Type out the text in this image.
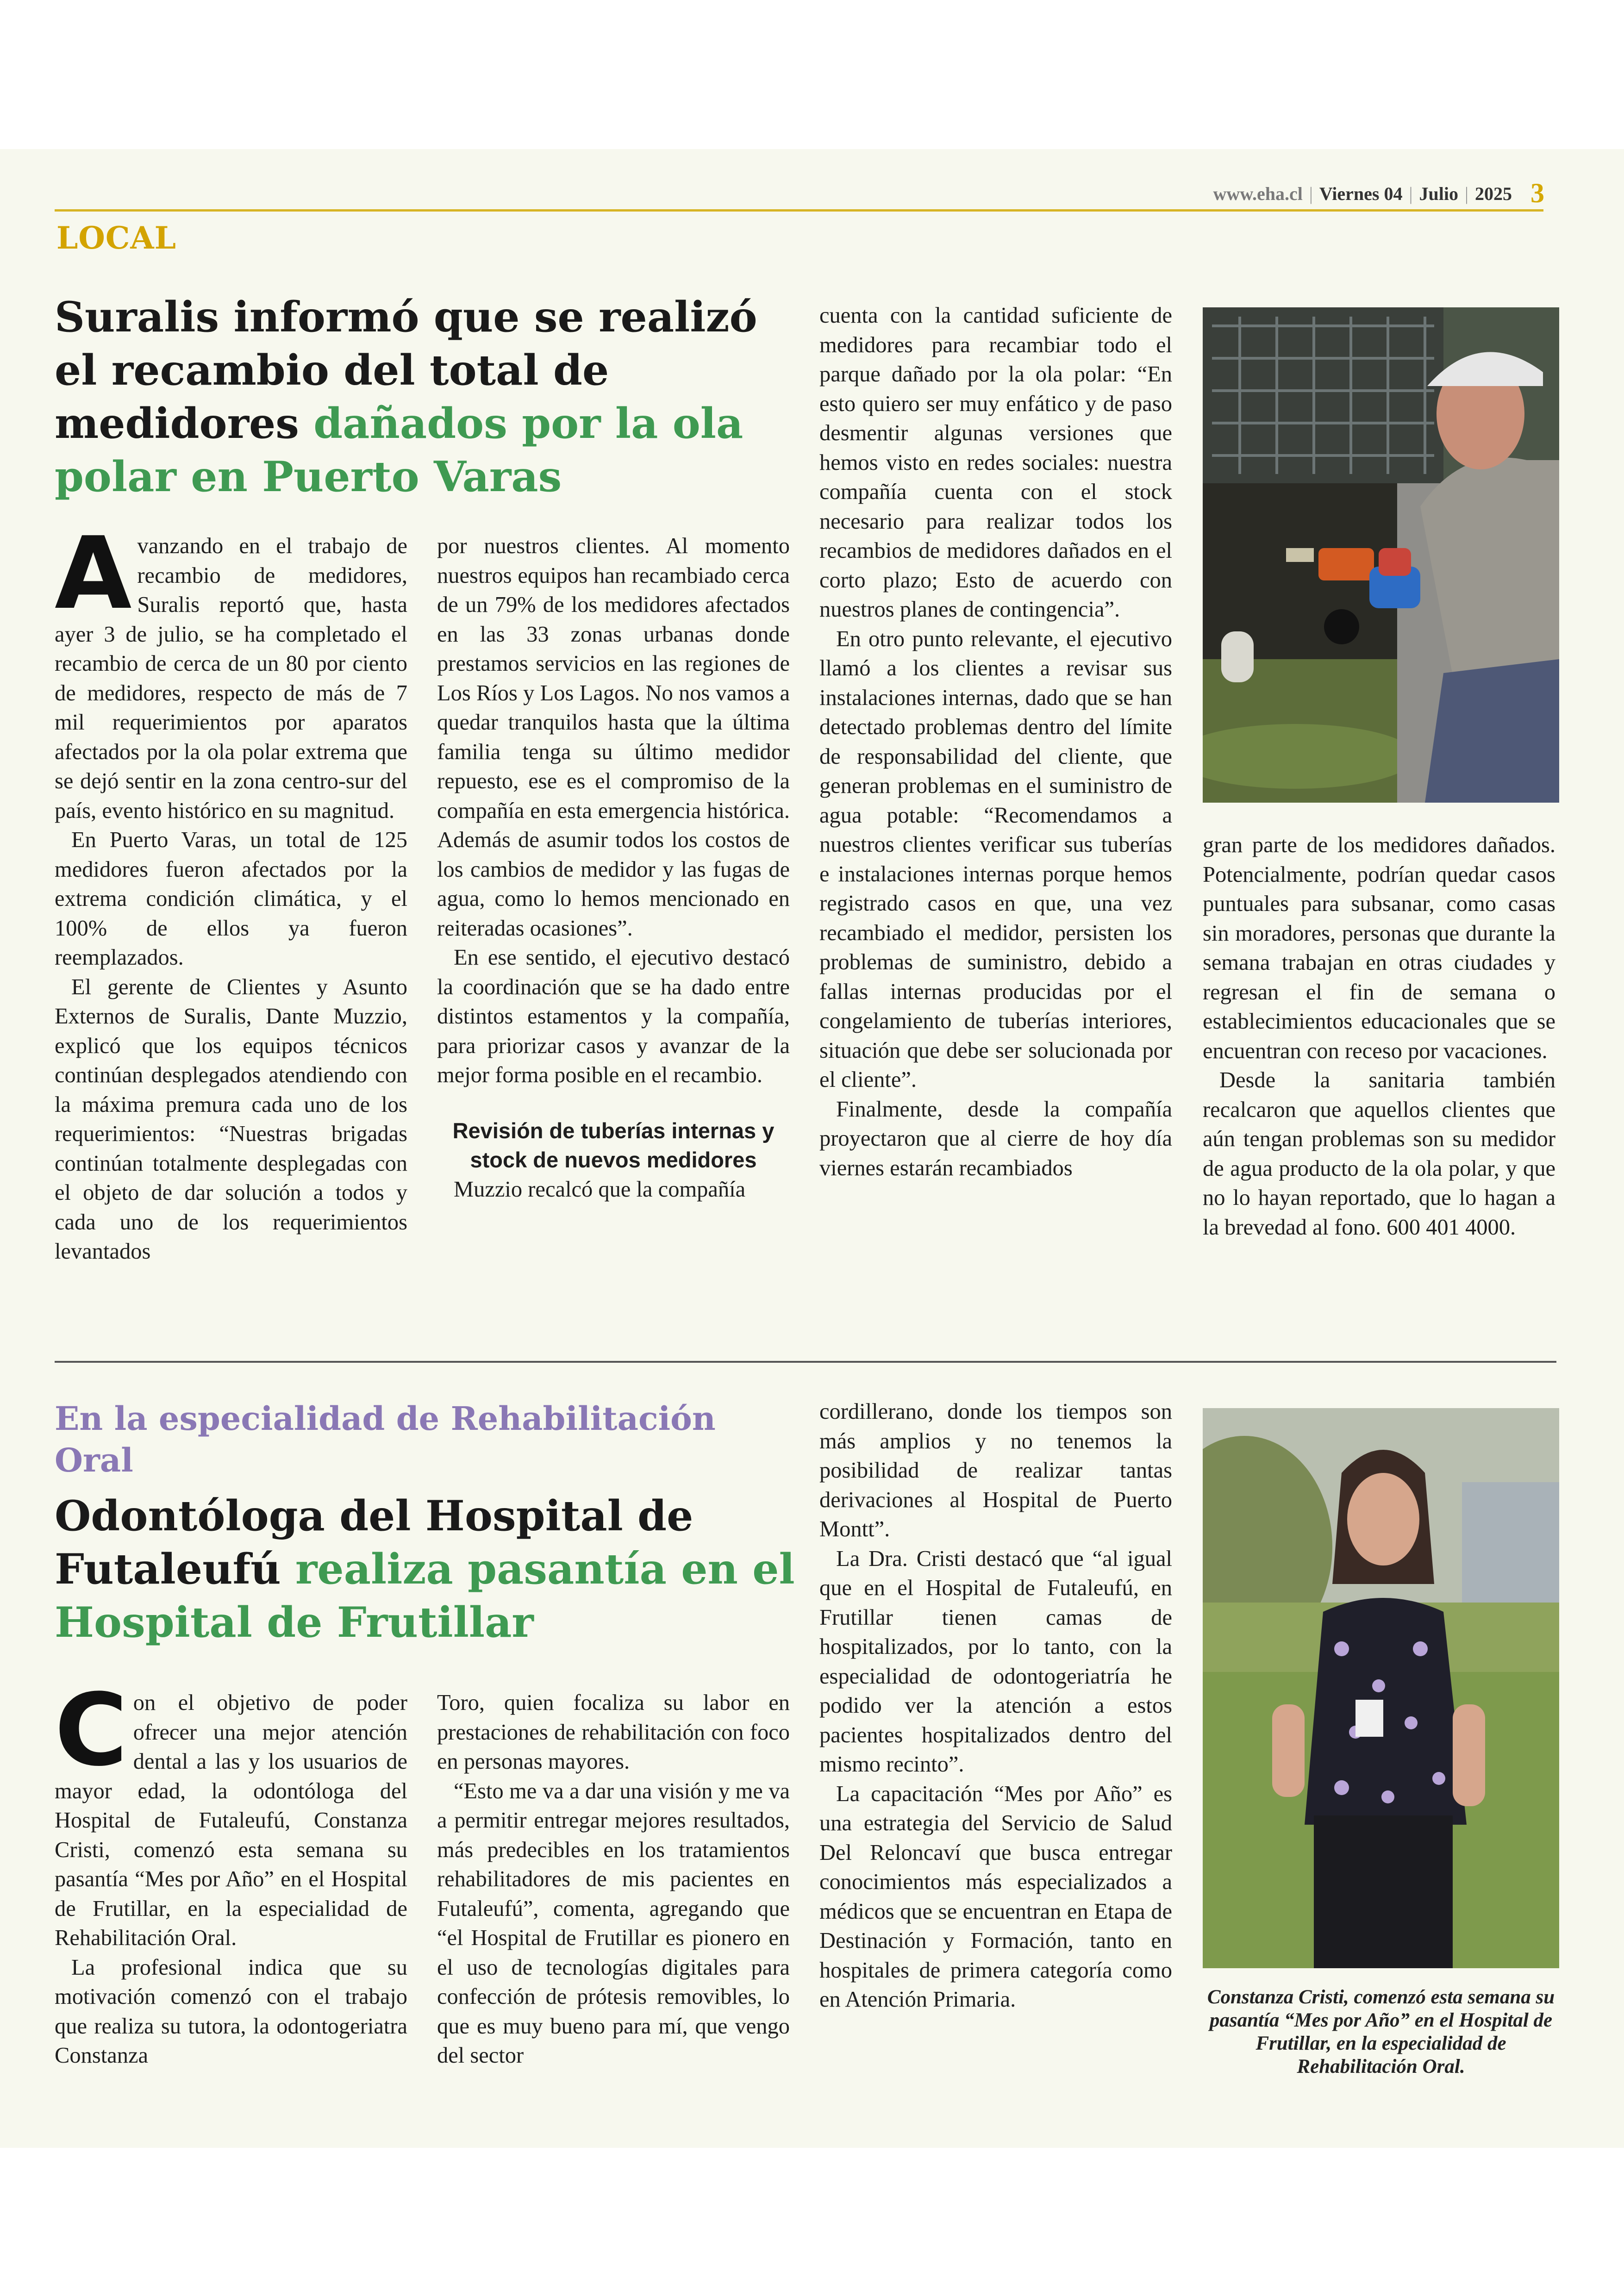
www.eha.cl | Viernes 04 | Julio | 2025 3
LOCAL
Suralis informó que se realizó el recambio del total de medidores dañados por la ola polar en Puerto Varas

Avanzando en el trabajo de recambio de medidores, Suralis reportó que, hasta ayer 3 de julio, se ha completado el recambio de cerca de un 80 por ciento de medidores, respecto de más de 7 mil requerimientos por aparatos afectados por la ola polar extrema que se dejó sentir en la zona centro-sur del país, evento histórico en su magnitud.

En Puerto Varas, un total de 125 medidores fueron afectados por la extrema condición climática, y el 100% de ellos ya fueron reemplazados.

El gerente de Clientes y Asunto Externos de Suralis, Dante Muzzio, explicó que los equipos técnicos continúan desplegados atendiendo con la máxima premura cada uno de los requerimientos: “Nuestras brigadas continúan totalmente desplegadas con el objeto de dar solución a todos y cada uno de los requerimientos levantados

por nuestros clientes. Al momento nuestros equipos han recambiado cerca de un 79% de los medidores afectados en las 33 zonas urbanas donde prestamos servicios en las regiones de Los Ríos y Los Lagos. No nos vamos a quedar tranquilos hasta que la última familia tenga su último medidor repuesto, ese es el compromiso de la compañía en esta emergencia histórica. Además de asumir todos los costos de los cambios de medidor y las fugas de agua, como lo hemos mencionado en reiteradas ocasiones”.

En ese sentido, el ejecutivo destacó la coordinación que se ha dado entre distintos estamentos y la compañía, para priorizar casos y avanzar de la mejor forma posible en el recambio.

Revisión de tuberías internas y stock de nuevos medidores

Muzzio recalcó que la compañía

cuenta con la cantidad suficiente de medidores para recambiar todo el parque dañado por la ola polar: “En esto quiero ser muy enfático y de paso desmentir algunas versiones que hemos visto en redes sociales: nuestra compañía cuenta con el stock necesario para realizar todos los recambios de medidores dañados en el corto plazo; Esto de acuerdo con nuestros planes de contingencia”.

En otro punto relevante, el ejecutivo llamó a los clientes a revisar sus instalaciones internas, dado que se han detectado problemas dentro del límite de responsabilidad del cliente, que generan problemas en el suministro de agua potable: “Recomendamos a nuestros clientes verificar sus tuberías e instalaciones internas porque hemos registrado casos en que, una vez recambiado el medidor, persisten los problemas de suministro, debido a fallas internas producidas por el congelamiento de tuberías interiores, situación que debe ser solucionada por el cliente”.

Finalmente, desde la compañía proyectaron que al cierre de hoy día viernes estarán recambiados

gran parte de los medidores dañados. Potencialmente, podrían quedar casos puntuales para subsanar, como casas sin moradores, personas que durante la semana trabajan en otras ciudades y regresan el fin de semana o establecimientos educacionales que se encuentran con receso por vacaciones.

Desde la sanitaria también recalcaron que aquellos clientes que aún tengan problemas son su medidor de agua producto de la ola polar, y que no lo hayan reportado, que lo hagan a la brevedad al fono. 600 401 4000.

En la especialidad de Rehabilitación Oral
Odontóloga del Hospital de Futaleufú realiza pasantía en el Hospital de Frutillar

Con el objetivo de poder ofrecer una mejor atención dental a las y los usuarios de mayor edad, la odontóloga del Hospital de Futaleufú, Constanza Cristi, comenzó esta semana su pasantía “Mes por Año” en el Hospital de Frutillar, en la especialidad de Rehabilitación Oral.

La profesional indica que su motivación comenzó con el trabajo que realiza su tutora, la odontogeriatra Constanza

Toro, quien focaliza su labor en prestaciones de rehabilitación con foco en personas mayores.

“Esto me va a dar una visión y me va a permitir entregar mejores resultados, más predecibles en los tratamientos rehabilitadores de mis pacientes en Futaleufú”, comenta, agregando que “el Hospital de Frutillar es pionero en el uso de tecnologías digitales para confección de prótesis removibles, lo que es muy bueno para mí, que vengo del sector

cordillerano, donde los tiempos son más amplios y no tenemos la posibilidad de realizar tantas derivaciones al Hospital de Puerto Montt”.

La Dra. Cristi destacó que “al igual que en el Hospital de Futaleufú, en Frutillar tienen camas de hospitalizados, por lo tanto, con la especialidad de odontogeriatría he podido ver la atención a estos pacientes hospitalizados dentro del mismo recinto”.

La capacitación “Mes por Año” es una estrategia del Servicio de Salud Del Reloncaví que busca entregar conocimientos más especializados a médicos que se encuentran en Etapa de Destinación y Formación, tanto en hospitales de primera categoría como en Atención Primaria.	Constanza Cristi, comenzó esta semana su pasantía “Mes por Año” en el Hospital de Frutillar, en la especialidad de Rehabilitación Oral.
